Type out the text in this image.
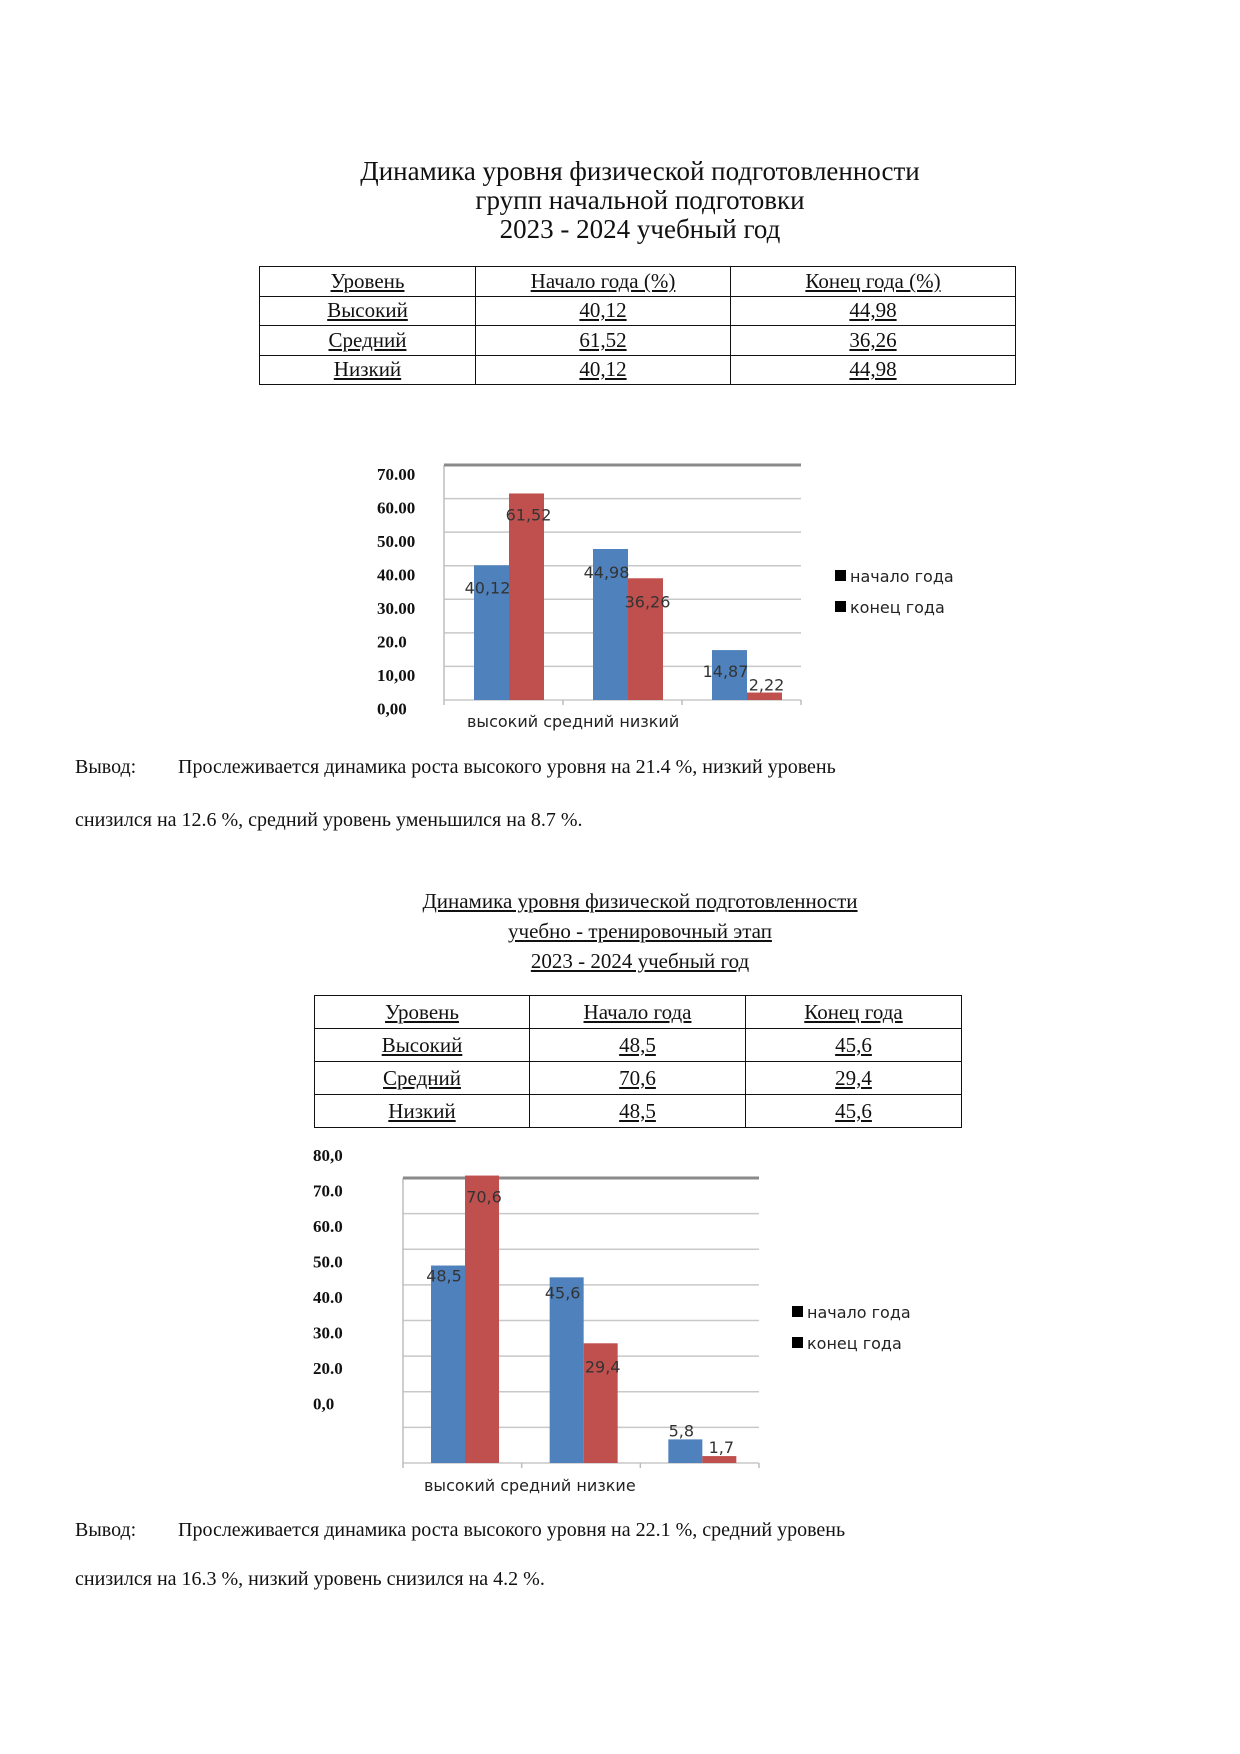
Динамика уровня физической подготовленности
групп начальной подготовки
2023 - 2024 учебный год
Уровень	Начало года (%)	Конец года (%)
Высокий	40,12	44,98
Средний	61,52	36,26
Низкий	40,12	44,98
70.00
60.00
50.00
40.00
30.00
20.0
10,00
0,00
40,12
61,52
44,98
36,26
14,87
2,22
высокий средний низкий
начало года
конец года
80,0
70.0
60.0
50.0
40.0
30.0
20.0
0,0
48,5
70,6
45,6
29,4
5,8
1,7
высокий средний низкие
начало года
конец года
Вывод: Прослеживается динамика роста высокого уровня на 21.4 %, низкий уровень
снизился на 12.6 %, средний уровень уменьшился на 8.7 %.
Динамика уровня физической подготовленности
учебно - тренировочный этап
2023 - 2024 учебный год
Уровень	Начало года	Конец года
Высокий	48,5	45,6
Средний	70,6	29,4
Низкий	48,5	45,6
Вывод: Прослеживается динамика роста высокого уровня на 22.1 %, средний уровень
снизился на 16.3 %, низкий уровень снизился на 4.2 %.
